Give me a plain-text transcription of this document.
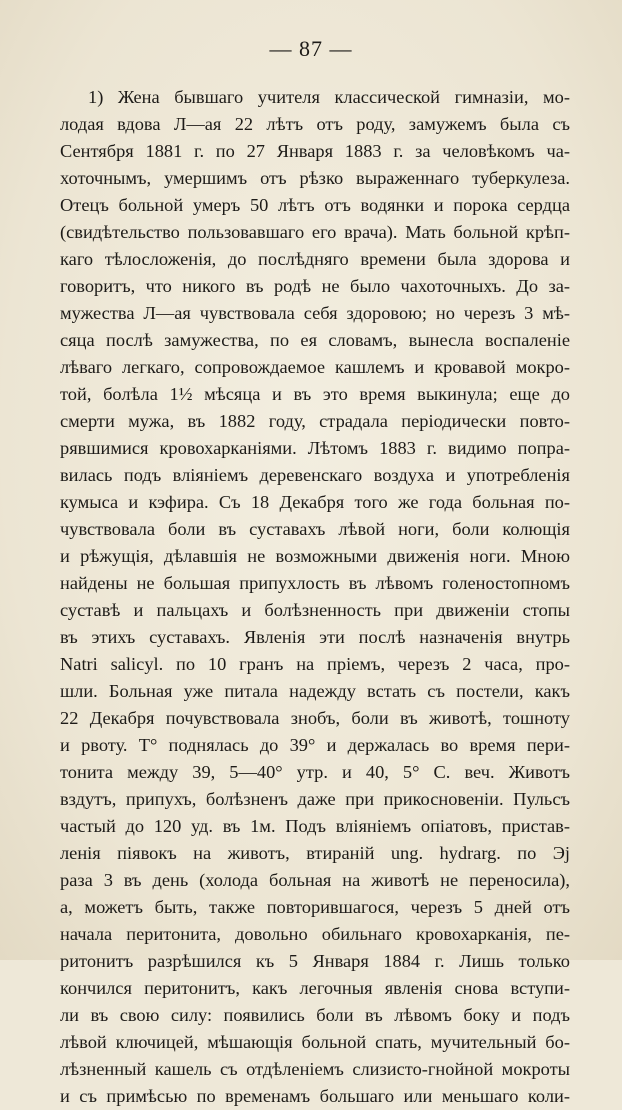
— 87 —
1) Жена бывшаго учителя классической гимназіи, мо-
лодая вдова Л—ая 22 лѣтъ отъ роду, замужемъ была съ
Сентября 1881 г. по 27 Января 1883 г. за человѣкомъ ча-
хоточнымъ, умершимъ отъ рѣзко выраженнаго туберкулеза.
Отецъ больной умеръ 50 лѣтъ отъ водянки и порока сердца
(свидѣтельство пользовавшаго его врача). Мать больной крѣп-
каго тѣлосложенія, до послѣдняго времени была здорова и
говоритъ, что никого въ родѣ не было чахоточныхъ. До за-
мужества Л—ая чувствовала себя здоровою; но черезъ 3 мѣ-
сяца послѣ замужества, по ея словамъ, вынесла воспаленіе
лѣваго легкаго, сопровождаемое кашлемъ и кровавой мокро-
той, болѣла 1½ мѣсяца и въ это время выкинула; еще до
смерти мужа, въ 1882 году, страдала періодически повто-
рявшимися кровохарканіями. Лѣтомъ 1883 г. видимо попра-
вилась подъ вліяніемъ деревенскаго воздуха и употребленія
кумыса и кэфира. Съ 18 Декабря того же года больная по-
чувствовала боли въ суставахъ лѣвой ноги, боли колющія
и рѣжущія, дѣлавшія не возможными движенія ноги. Мною
найдены не большая припухлость въ лѣвомъ голеностопномъ
суставѣ и пальцахъ и болѣзненность при движеніи стопы
въ этихъ суставахъ. Явленія эти послѣ назначенія внутрь
Natri salicyl. по 10 гранъ на пріемъ, черезъ 2 часа, про-
шли. Больная уже питала надежду встать съ постели, какъ
22 Декабря почувствовала знобъ, боли въ животѣ, тошноту
и рвоту. T° поднялась до 39° и держалась во время пери-
тонита между 39, 5—40° утр. и 40, 5° С. веч. Животъ
вздутъ, припухъ, болѣзненъ даже при прикосновеніи. Пульсъ
частый до 120 уд. въ 1м. Подъ вліяніемъ опіатовъ, пристав-
ленія піявокъ на животъ, втираній ung. hydrarg. по Эj
раза 3 въ день (холода больная на животѣ не переносила),
а, можетъ быть, также повторившагося, черезъ 5 дней отъ
начала перитонита, довольно обильнаго кровохарканія, пе-
ритонитъ разрѣшился къ 5 Января 1884 г. Лишь только
кончился перитонитъ, какъ легочныя явленія снова вступи-
ли въ свою силу: появились боли въ лѣвомъ боку и подъ
лѣвой ключицей, мѣшающія больной спать, мучительный бо-
лѣзненный кашель съ отдѣленіемъ слизисто-гнойной мокроты
и съ примѣсью по временамъ большаго или меньшаго коли-
